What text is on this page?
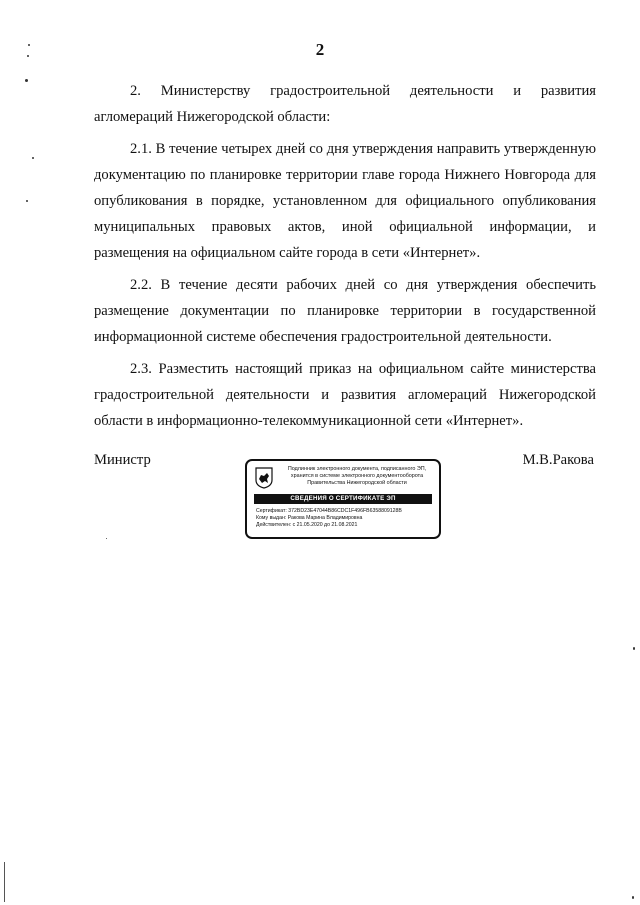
2

2. Министерству градостроительной деятельности и развития агломераций Нижегородской области:

2.1. В течение четырех дней со дня утверждения направить утвержденную документацию по планировке территории главе города Нижнего Новгорода для опубликования в порядке, установленном для официального опубликования муниципальных правовых актов, иной официальной информации, и размещения на официальном сайте города в сети «Интернет».

2.2. В течение десяти рабочих дней со дня утверждения обеспечить размещение документации по планировке территории в государственной информационной системе обеспечения градостроительной деятельности.

2.3. Разместить настоящий приказ на официальном сайте министерства градостроительной деятельности и развития агломераций Нижегородской области в информационно-телекоммуникационной сети «Интернет».

Министр	М.В.Ракова
Подлинник электронного документа, подписанного ЭП, хранится в системе электронного документооборота Правительства Нижегородской области
СВЕДЕНИЯ О СЕРТИФИКАТЕ ЭП
Сертификат: 372BD23E47044B86CDC1F496FB6358809128B
Кому выдан: Ракова Марина Владимировна
Действителен: с 21.05.2020 до 21.08.2021
